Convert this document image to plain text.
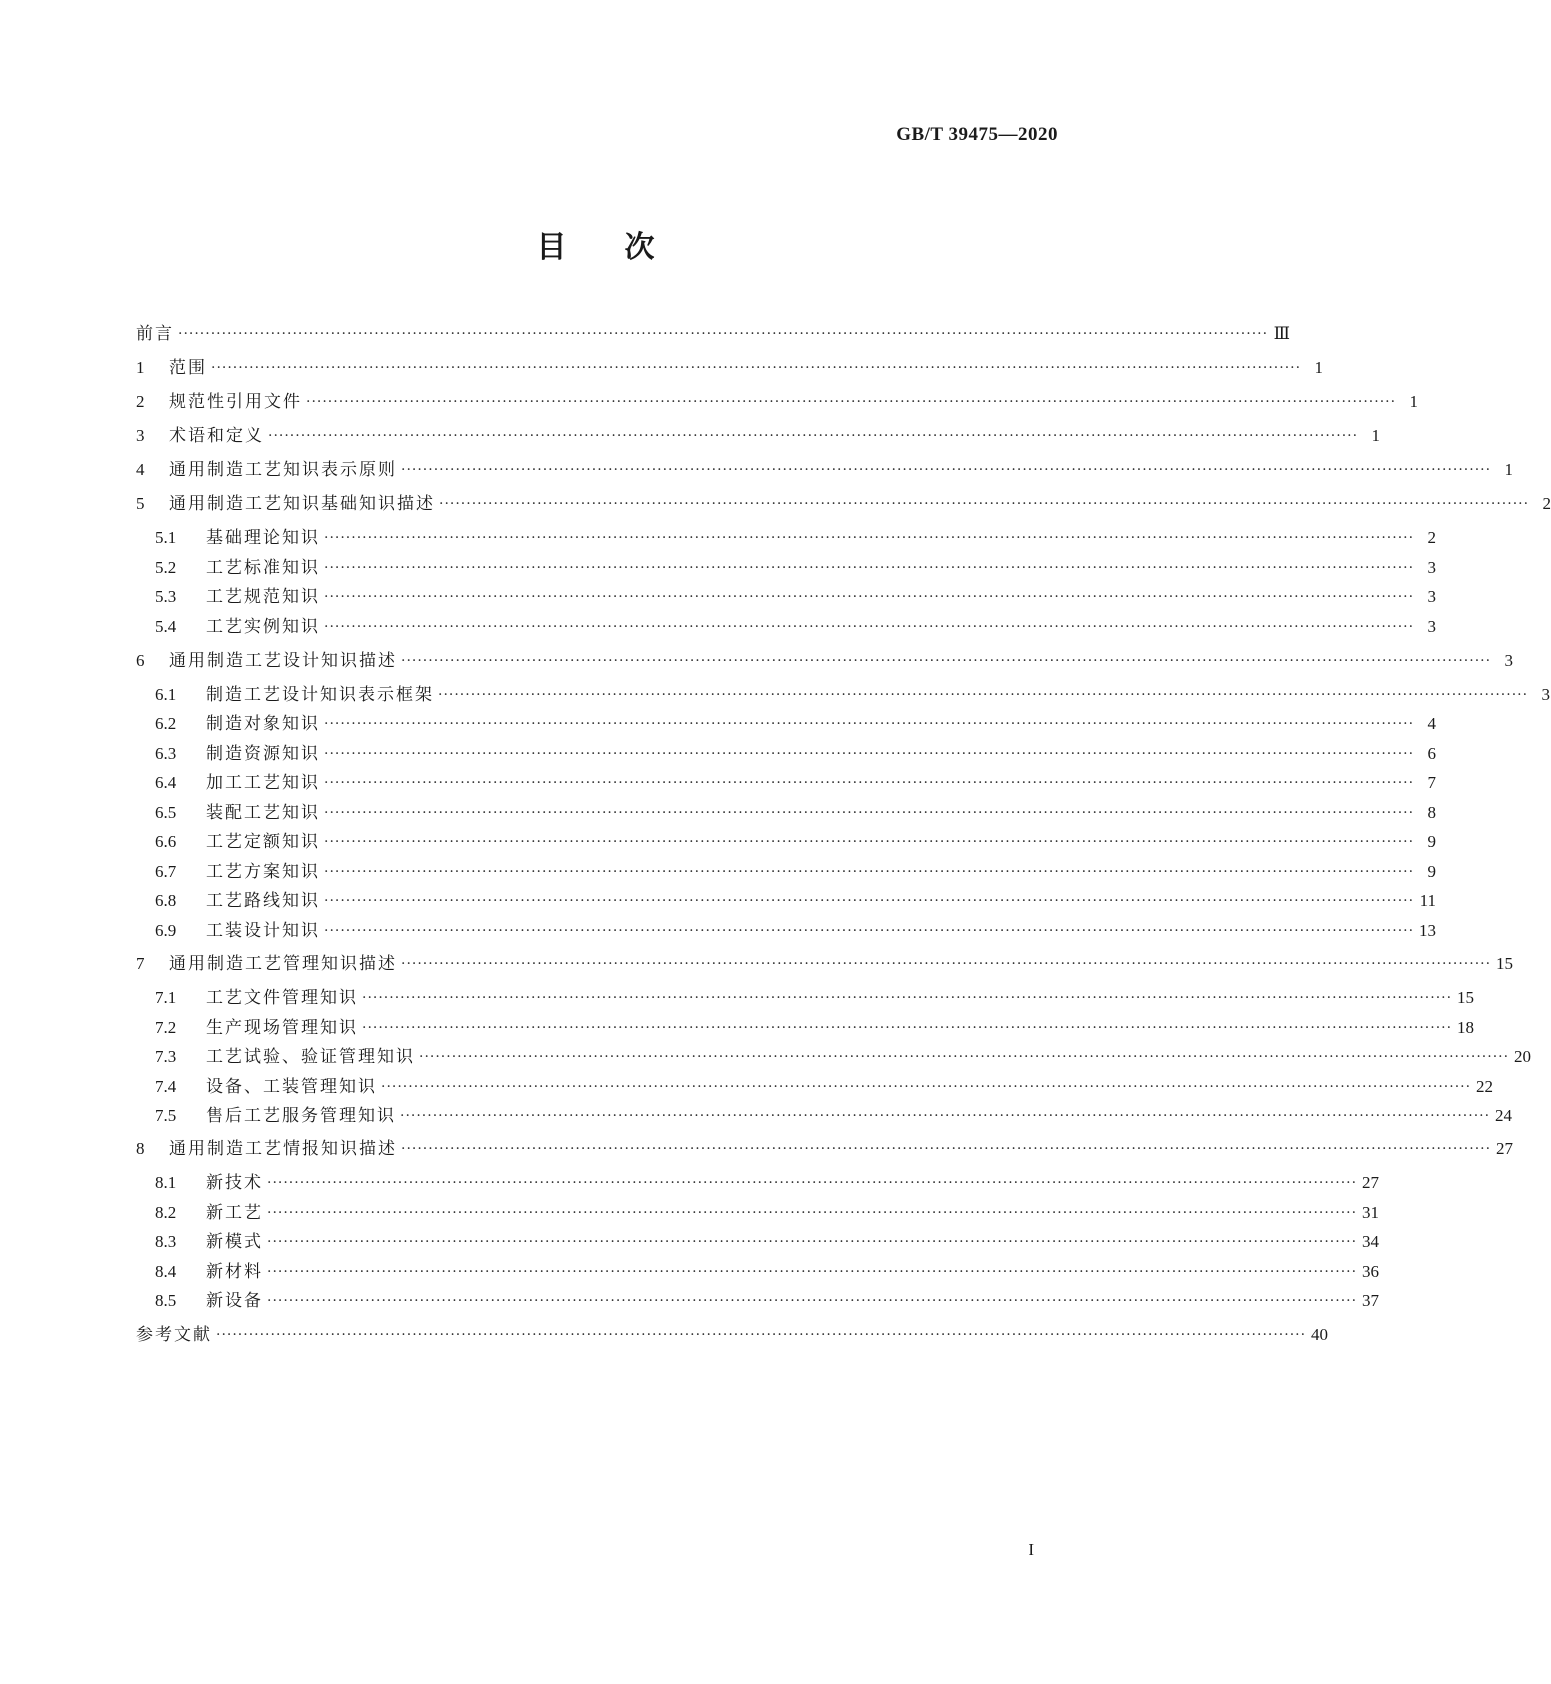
GB/T 39475—2020
目次
前言 ········································································································································································································ Ⅲ
1	范围 ········································································································································································································ 1
2	规范性引用文件 ········································································································································································································ 1
3	术语和定义 ········································································································································································································ 1
4	通用制造工艺知识表示原则 ········································································································································································································ 1
5	通用制造工艺知识基础知识描述 ········································································································································································································ 2
5.1	基础理论知识 ········································································································································································································ 2
5.2	工艺标准知识 ········································································································································································································ 3
5.3	工艺规范知识 ········································································································································································································ 3
5.4	工艺实例知识 ········································································································································································································ 3
6	通用制造工艺设计知识描述 ········································································································································································································ 3
6.1	制造工艺设计知识表示框架 ········································································································································································································ 3
6.2	制造对象知识 ········································································································································································································ 4
6.3	制造资源知识 ········································································································································································································ 6
6.4	加工工艺知识 ········································································································································································································ 7
6.5	装配工艺知识 ········································································································································································································ 8
6.6	工艺定额知识 ········································································································································································································ 9
6.7	工艺方案知识 ········································································································································································································ 9
6.8	工艺路线知识 ········································································································································································································ 11
6.9	工装设计知识 ········································································································································································································ 13
7	通用制造工艺管理知识描述 ········································································································································································································ 15
7.1	工艺文件管理知识 ········································································································································································································ 15
7.2	生产现场管理知识 ········································································································································································································ 18
7.3	工艺试验、验证管理知识 ········································································································································································································ 20
7.4	设备、工装管理知识 ········································································································································································································ 22
7.5	售后工艺服务管理知识 ········································································································································································································ 24
8	通用制造工艺情报知识描述 ········································································································································································································ 27
8.1	新技术 ········································································································································································································ 27
8.2	新工艺 ········································································································································································································ 31
8.3	新模式 ········································································································································································································ 34
8.4	新材料 ········································································································································································································ 36
8.5	新设备 ········································································································································································································ 37
参考文献 ········································································································································································································ 40
I
